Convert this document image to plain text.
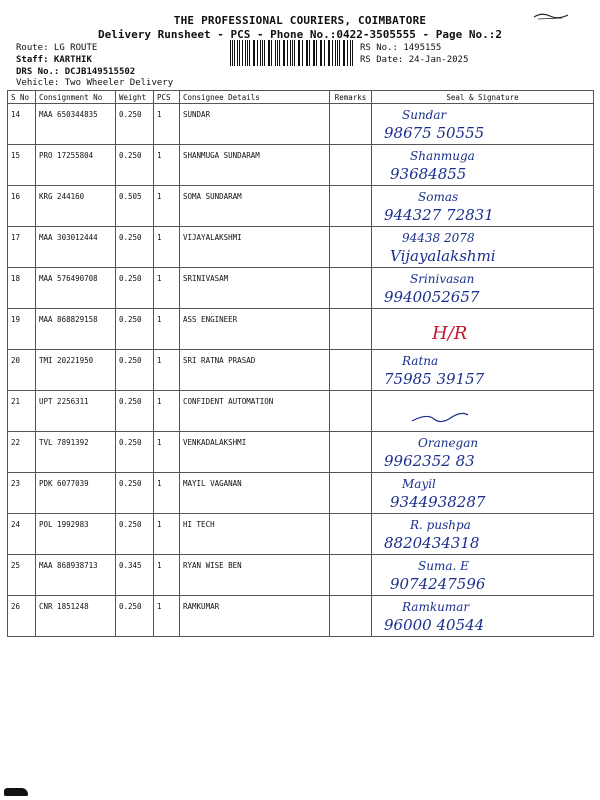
THE PROFESSIONAL COURIERS, COIMBATORE
Delivery Runsheet - PCS - Phone No.:0422-3505555 - Page No.:2
Route: LG ROUTE
Staff: KARTHIK
DRS No.: DCJB149515502
Vehicle: Two Wheeler Delivery
RS No.: 1495155
RS Date: 24-Jan-2025
S No	Consignment No	Weight	PCS	Consignee Details	Remarks	Seal & Signature
14	MAA 650344835	0.250	1	SUNDAR		Sundar
98675 50555

15	PRO 17255804	0.250	1	SHANMUGA SUNDARAM		Shanmuga
93684855

16	KRG 244160	0.505	1	SOMA SUNDARAM		Somas
944327 72831

17	MAA 303012444	0.250	1	VIJAYALAKSHMI		94438 2078
Vijayalakshmi

18	MAA 576490708	0.250	1	SRINIVASAM		Srinivasan
9940052657

19	MAA 868829158	0.250	1	ASS ENGINEER		H/R

20	TMI 20221950	0.250	1	SRI RATNA PRASAD		Ratna
75985 39157

21	UPT 2256311	0.250	1	CONFIDENT AUTOMATION		

22	TVL 7891392	0.250	1	VENKADALAKSHMI		Oranegan
9962352 83

23	PDK 6077039	0.250	1	MAYIL VAGANAN		Mayil
9344938287

24	POL 1992983	0.250	1	HI TECH		R. pushpa
8820434318

25	MAA 868938713	0.345	1	RYAN WISE BEN		Suma. E
9074247596

26	CNR 1851248	0.250	1	RAMKUMAR		Ramkumar
96000 40544
